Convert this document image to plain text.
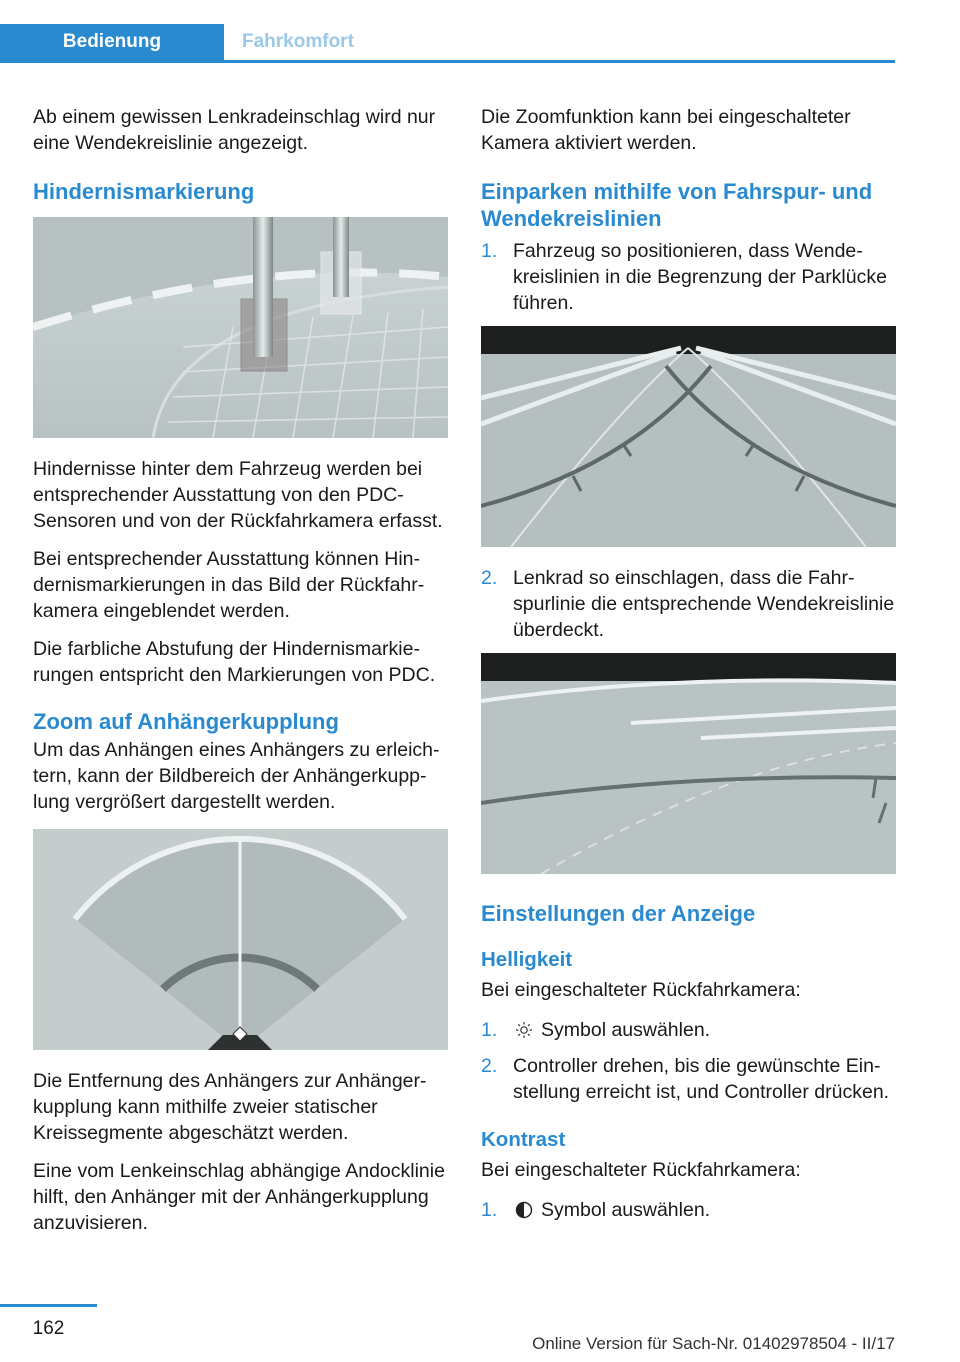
Bedienung	Fahrkomfort

Ab einem gewissen Lenkradeinschlag wird nur eine Wendekreislinie angezeigt.

Hindernismarkierung

Hindernisse hinter dem Fahrzeug werden bei entsprechender Ausstattung von den PDC-Sensoren und von der Rückfahrkamera erfasst.

Bei entsprechender Ausstattung können Hindernismarkierungen in das Bild der Rückfahrkamera eingeblendet werden.

Die farbliche Abstufung der Hindernismarkierungen entspricht den Markierungen von PDC.

Zoom auf Anhängerkupplung

Um das Anhängen eines Anhängers zu erleichtern, kann der Bildbereich der Anhängerkupplung vergrößert dargestellt werden.

Die Entfernung des Anhängers zur Anhängerkupplung kann mithilfe zweier statischer Kreissegmente abgeschätzt werden.

Eine vom Lenkeinschlag abhängige Andocklinie hilft, den Anhänger mit der Anhängerkupplung anzuvisieren.

Die Zoomfunktion kann bei eingeschalteter Kamera aktiviert werden.

Einparken mithilfe von Fahrspur- und Wendekreislinien
1. Fahrzeug so positionieren, dass Wendekreislinien in die Begrenzung der Parklücke führen.
2. Lenkrad so einschlagen, dass die Fahrspurlinie die entsprechende Wendekreislinie überdeckt.
Einstellungen der Anzeige
Helligkeit

Bei eingeschalteter Rückfahrkamera:

1. Symbol auswählen.
2. Controller drehen, bis die gewünschte Einstellung erreicht ist, und Controller drücken.
Kontrast

Bei eingeschalteter Rückfahrkamera:

1. Symbol auswählen.
162
Online Version für Sach-Nr. 01402978504 - II/17
